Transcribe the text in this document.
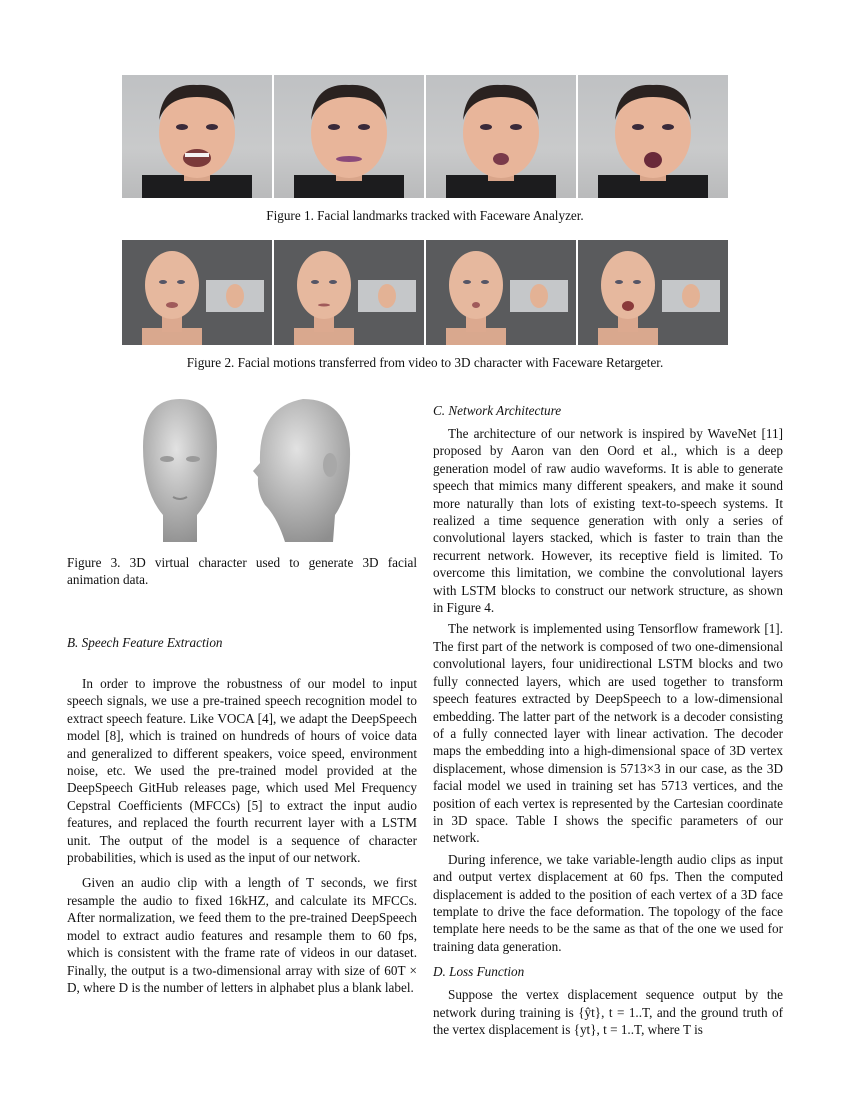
Figure 1. Facial landmarks tracked with Faceware Analyzer.
Figure 2. Facial motions transferred from video to 3D character with Faceware Retargeter.
Figure 3. 3D virtual character used to generate 3D facial animation data.
B. Speech Feature Extraction

In order to improve the robustness of our model to input speech signals, we use a pre-trained speech recognition model to extract speech feature. Like VOCA [4], we adapt the DeepSpeech model [8], which is trained on hundreds of hours of voice data and generalized to different speakers, voice speed, environment noise, etc. We used the pre-trained model provided at the DeepSpeech GitHub releases page, which used Mel Frequency Cepstral Coefficients (MFCCs) [5] to extract the input audio features, and replaced the fourth recurrent layer with a LSTM unit. The output of the model is a sequence of character probabilities, which is used as the input of our network.

Given an audio clip with a length of T seconds, we first resample the audio to fixed 16kHZ, and calculate its MFCCs. After normalization, we feed them to the pre-trained DeepSpeech model to extract audio features and resample them to 60 fps, which is consistent with the frame rate of videos in our dataset. Finally, the output is a two-dimensional array with size of 60T × D, where D is the number of letters in alphabet plus a blank label.

C. Network Architecture

The architecture of our network is inspired by WaveNet [11] proposed by Aaron van den Oord et al., which is a deep generation model of raw audio waveforms. It is able to generate speech that mimics many different speakers, and make it sound more naturally than lots of existing text-to-speech systems. It realized a time sequence generation with only a series of convolutional layers stacked, which is faster to train than the recurrent network. However, its receptive field is limited. To overcome this limitation, we combine the convolutional layers with LSTM blocks to construct our network structure, as shown in Figure 4.

The network is implemented using Tensorflow framework [1]. The first part of the network is composed of two one-dimensional convolutional layers, four unidirectional LSTM blocks and two fully connected layers, which are used together to transform speech features extracted by DeepSpeech to a low-dimensional embedding. The latter part of the network is a decoder consisting of a fully connected layer with linear activation. The decoder maps the embedding into a high-dimensional space of 3D vertex displacement, whose dimension is 5713×3 in our case, as the 3D facial model we used in training set has 5713 vertices, and the position of each vertex is represented by the Cartesian coordinate in 3D space. Table I shows the specific parameters of our network.

During inference, we take variable-length audio clips as input and output vertex displacement at 60 fps. Then the computed displacement is added to the position of each vertex of a 3D face template to drive the face deformation. The topology of the face template here needs to be the same as that of the one we used for training data generation.

D. Loss Function

Suppose the vertex displacement sequence output by the network during training is {ŷt}, t = 1..T, and the ground truth of the vertex displacement is {yt}, t = 1..T, where T is
